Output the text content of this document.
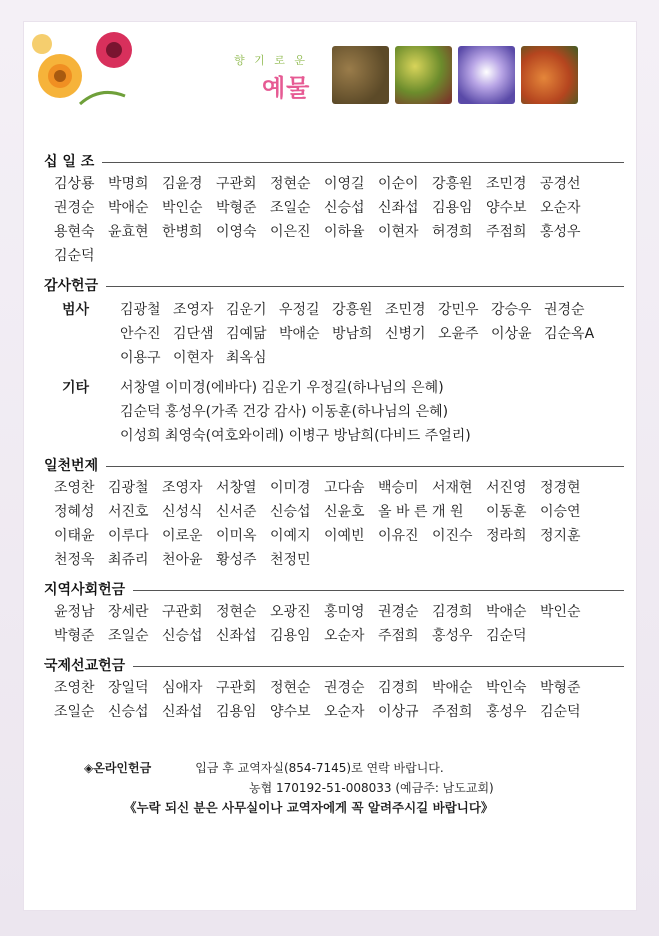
향 기 로 운
예물
십 일 조
김상룡 박명희 김윤경 구관회 정현순 이영길 이순이 강흥원 조민경 공경선
권경순 박애순 박인순 박형준 조일순 신승섭 신좌섭 김용임 양수보 오순자
용현숙 윤효현 한병희 이영숙 이은진 이하율 이현자 허경희 주점희 홍성우
김순덕
감사헌금
범사	김광철 조영자 김운기 우정길 강흥원 조민경 강민우 강승우 권경순
안수진 김단샘 김예닮 박애순 방남희 신병기 오윤주 이상윤 김순옥A
이용구 이현자 최옥심
기타	서창열 이미경(에바다) 김운기 우정길(하나님의 은혜)
김순덕 홍성우(가족 건강 감사) 이동훈(하나님의 은혜)
이성희 최영숙(여호와이레) 이병구 방남희(다비드 주얼리)
일천번제
조영찬 김광철 조영자 서창열 이미경 고다솜 백승미 서재현 서진영 정경현
정혜성 서진호 신성식 신서준 신승섭 신윤호 올 바 른 개 원	이동훈 이승연
이태윤 이루다 이로운 이미옥 이예지 이예빈 이유진 이진수 정라희 정지훈
천정욱 최쥬리 천아윤 황성주 천정민
지역사회헌금
윤정남 장세란 구관회 정현순 오광진 홍미영 권경순 김경희 박애순 박인순
박형준 조일순 신승섭 신좌섭 김용임 오순자 주점희 홍성우 김순덕
국제선교헌금
조영찬 장일덕 심애자 구관회 정현순 권경순 김경희 박애순 박인숙 박형준
조일순 신승섭 신좌섭 김용임 양수보 오순자 이상규 주점희 홍성우 김순덕
◈온라인헌금	입금 후 교역자실(854-7145)로 연락 바랍니다.
농협 170192-51-008033 (예금주: 남도교회)
《누락 되신 분은 사무실이나 교역자에게 꼭 알려주시길 바랍니다》
